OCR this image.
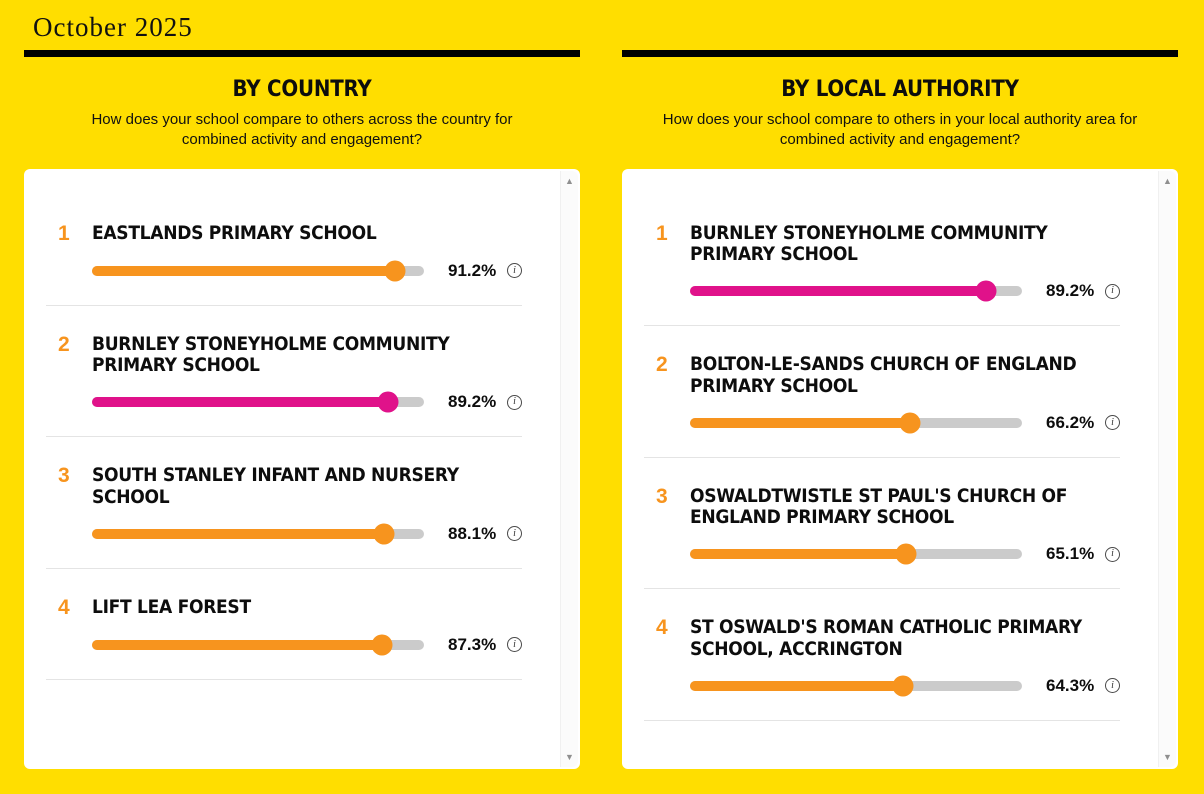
October 2025
BY COUNTRY

How does your school compare to others across the country for combined activity and engagement?

1	EASTLANDS PRIMARY SCHOOL
91.2%	i
2	BURNLEY STONEYHOLME COMMUNITY PRIMARY SCHOOL
89.2%	i
3	SOUTH STANLEY INFANT AND NURSERY SCHOOL
88.1%	i
4	LIFT LEA FOREST
87.3%	i
▲
▼
BY LOCAL AUTHORITY

How does your school compare to others in your local authority area for combined activity and engagement?

1	BURNLEY STONEYHOLME COMMUNITY PRIMARY SCHOOL
89.2%	i
2	BOLTON-LE-SANDS CHURCH OF ENGLAND PRIMARY SCHOOL
66.2%	i
3	OSWALDTWISTLE ST PAUL'S CHURCH OF ENGLAND PRIMARY SCHOOL
65.1%	i
4	ST OSWALD'S ROMAN CATHOLIC PRIMARY SCHOOL, ACCRINGTON
64.3%	i
▲
▼
